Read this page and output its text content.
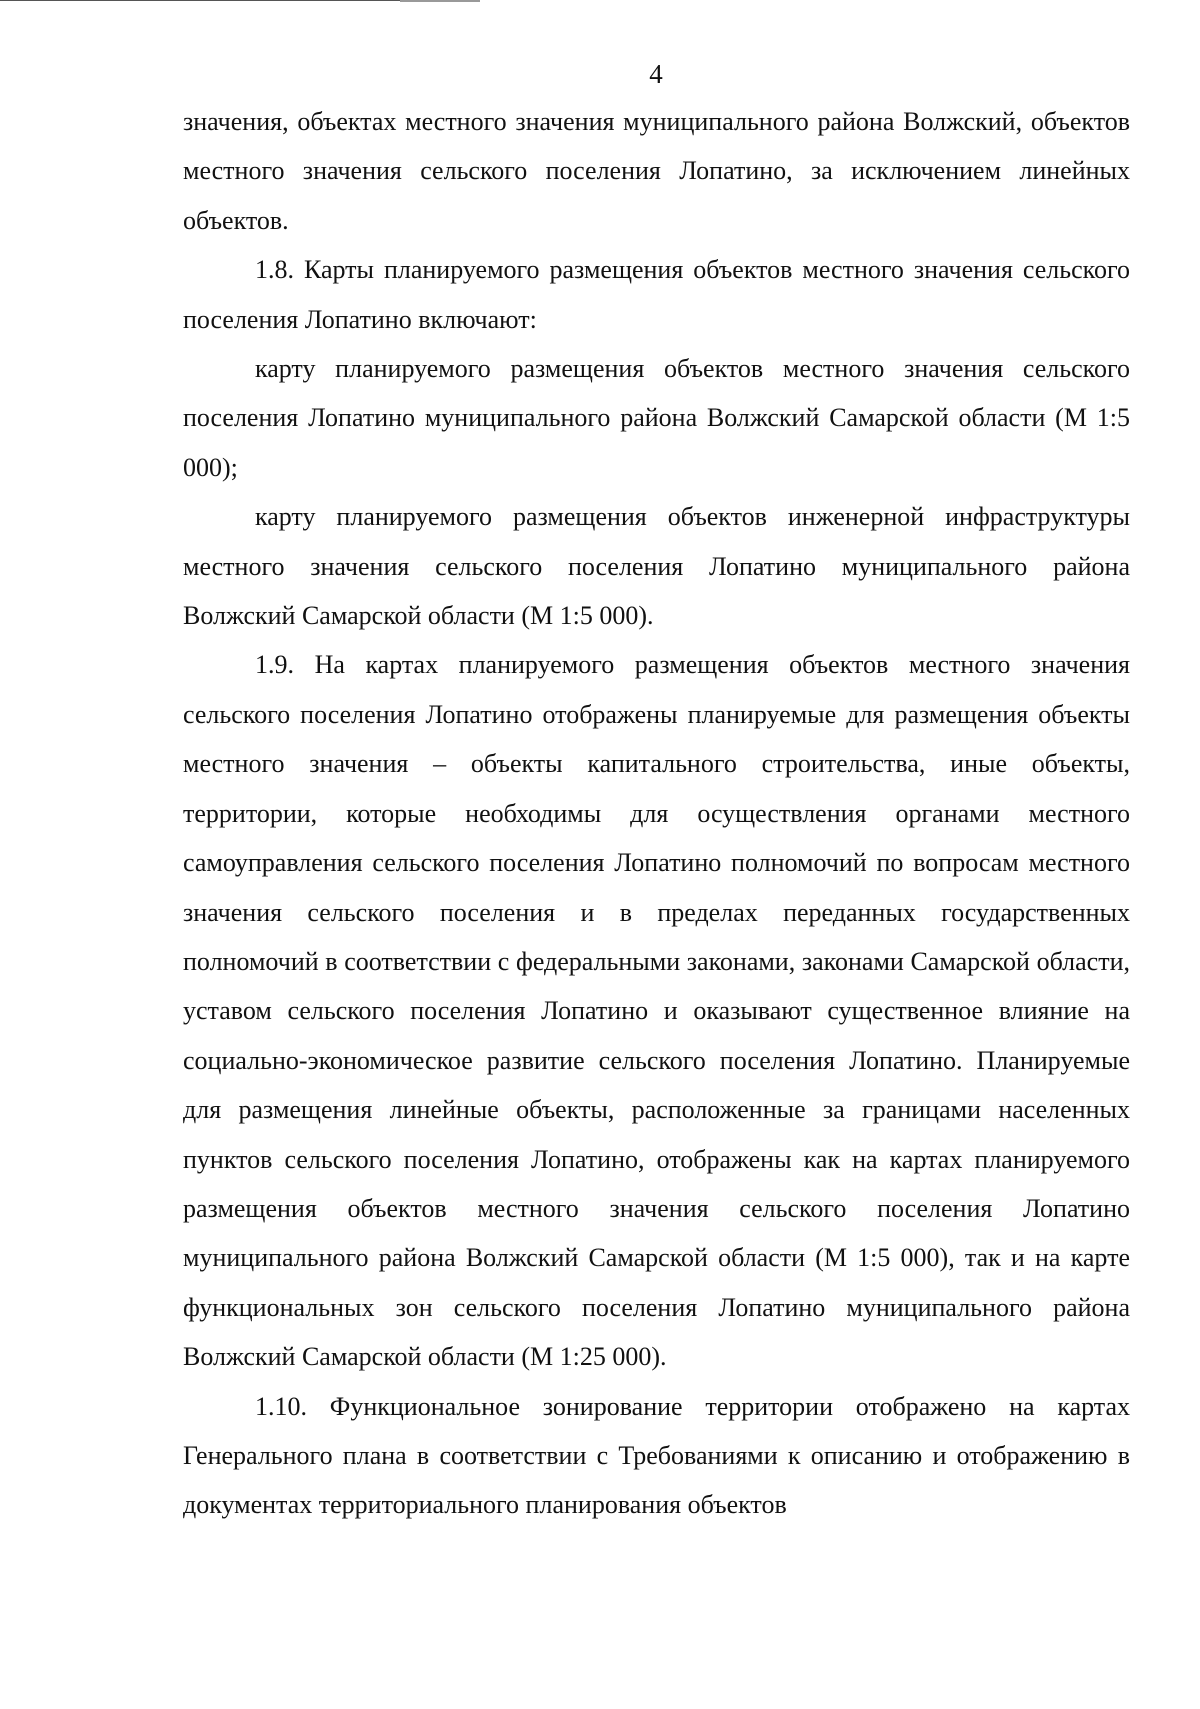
4

значения, объектах местного значения муниципального района Волжский, объектов местного значения сельского поселения Лопатино, за исключением линейных объектов.

1.8. Карты планируемого размещения объектов местного значения сельского поселения Лопатино включают:

карту планируемого размещения объектов местного значения сельского поселения Лопатино муниципального района Волжский Самарской области (М 1:5 000);

карту планируемого размещения объектов инженерной инфраструктуры местного значения сельского поселения Лопатино муниципального района Волжский Самарской области (М 1:5 000).

1.9. На картах планируемого размещения объектов местного значения сельского поселения Лопатино отображены планируемые для размещения объекты местного значения – объекты капитального строительства, иные объекты, территории, которые необходимы для осуществления органами местного самоуправления сельского поселения Лопатино полномочий по вопросам местного значения сельского поселения и в пределах переданных государственных полномочий в соответствии с федеральными законами, законами Самарской области, уставом сельского поселения Лопатино и оказывают существенное влияние на социально-экономическое развитие сельского поселения Лопатино. Планируемые для размещения линейные объекты, расположенные за границами населенных пунктов сельского поселения Лопатино, отображены как на картах планируемого размещения объектов местного значения сельского поселения Лопатино муниципального района Волжский Самарской области (М 1:5 000), так и на карте функциональных зон сельского поселения Лопатино муниципального района Волжский Самарской области (М 1:25 000).

1.10. Функциональное зонирование территории отображено на картах Генерального плана в соответствии с Требованиями к описанию и отображению в документах территориального планирования объектов
